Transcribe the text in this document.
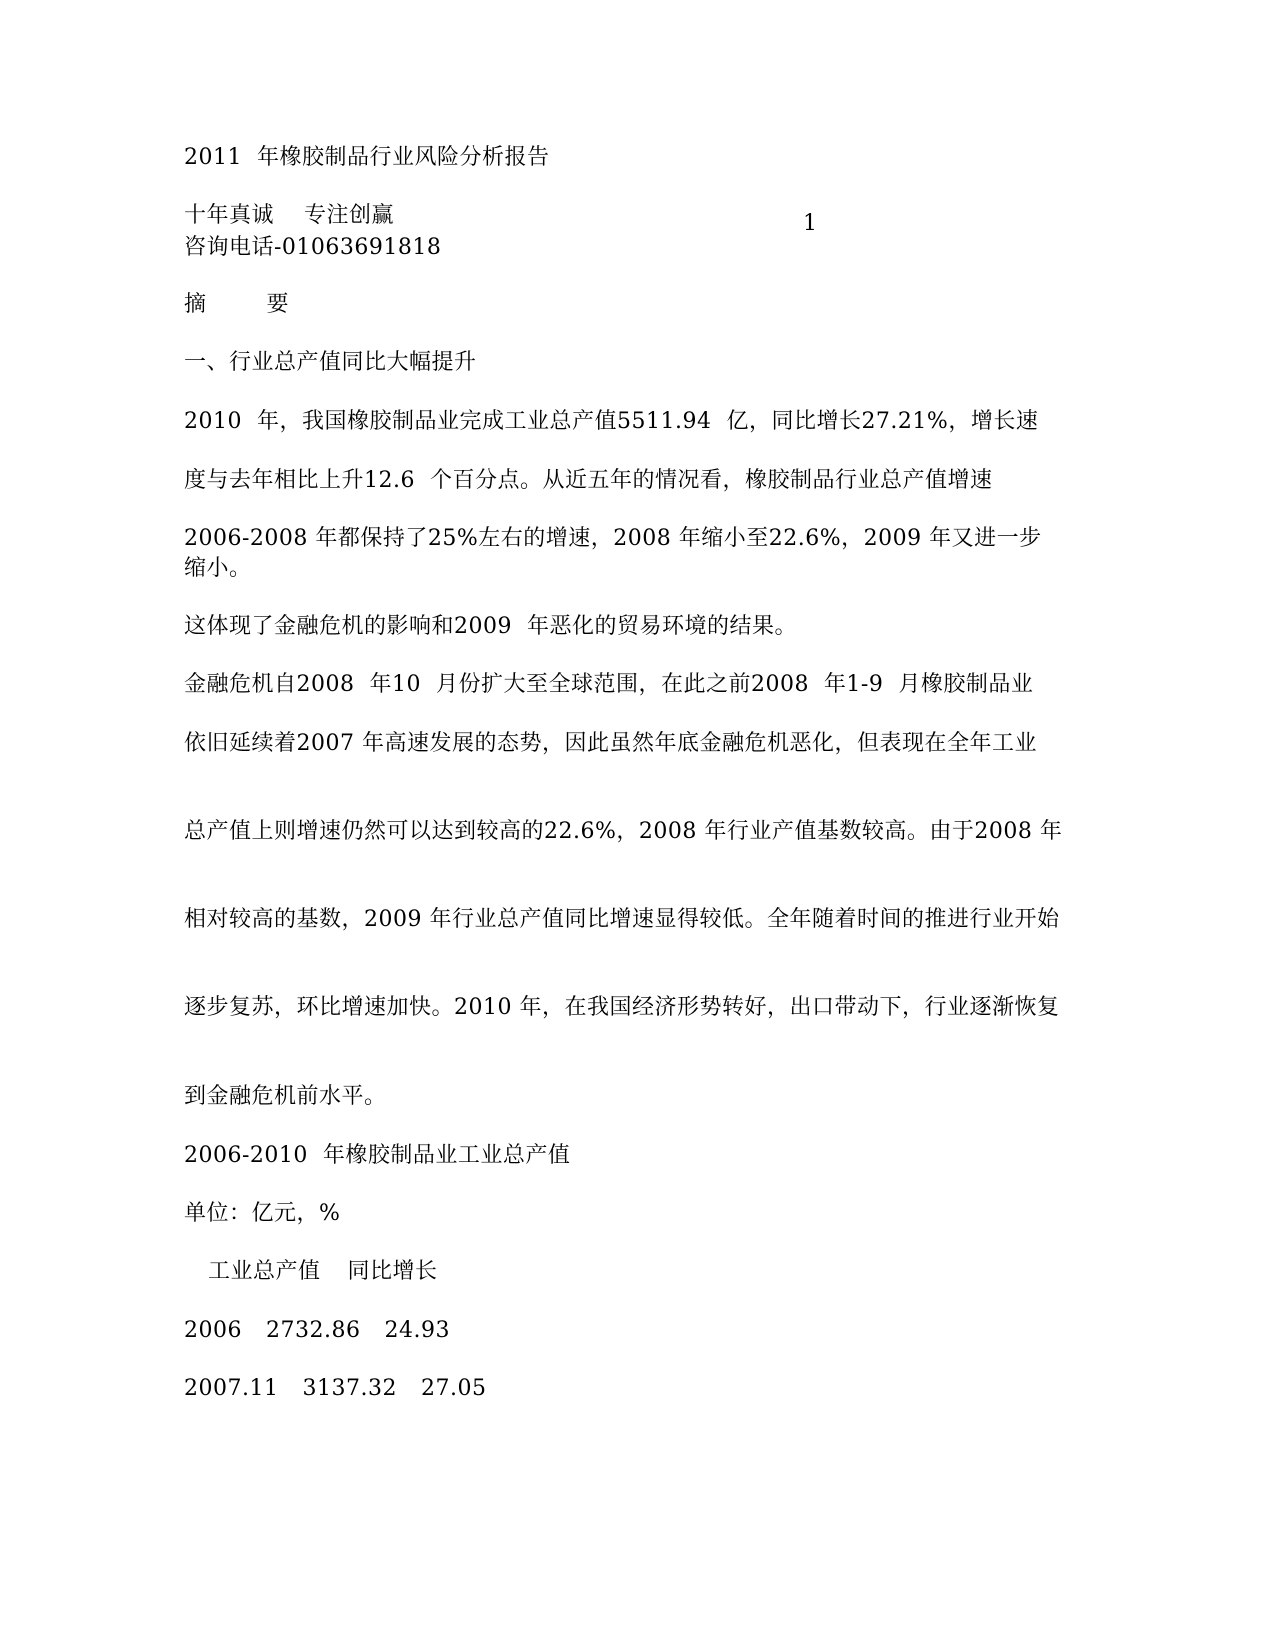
2011  年橡胶制品行业风险分析报告
十年真诚    专注创赢	1
咨询电话-01063691818
摘        要
一、行业总产值同比大幅提升
2010  年，我国橡胶制品业完成工业总产值5511.94  亿，同比增长27.21%，增长速
度与去年相比上升12.6  个百分点。从近五年的情况看，橡胶制品行业总产值增速
2006-2008 年都保持了25%左右的增速，2008 年缩小至22.6%，2009 年又进一步缩小。
这体现了金融危机的影响和2009  年恶化的贸易环境的结果。
金融危机自2008  年10  月份扩大至全球范围，在此之前2008  年1-9  月橡胶制品业
依旧延续着2007 年高速发展的态势，因此虽然年底金融危机恶化，但表现在全年工业
总产值上则增速仍然可以达到较高的22.6%，2008 年行业产值基数较高。由于2008 年
相对较高的基数，2009 年行业总产值同比增速显得较低。全年随着时间的推进行业开始
逐步复苏，环比增速加快。2010 年，在我国经济形势转好，出口带动下，行业逐渐恢复
到金融危机前水平。
2006-2010  年橡胶制品业工业总产值
单位：亿元，%
工业总产值 同比增长
2006 2732.86 24.93
2007.11 3137.32 27.05
